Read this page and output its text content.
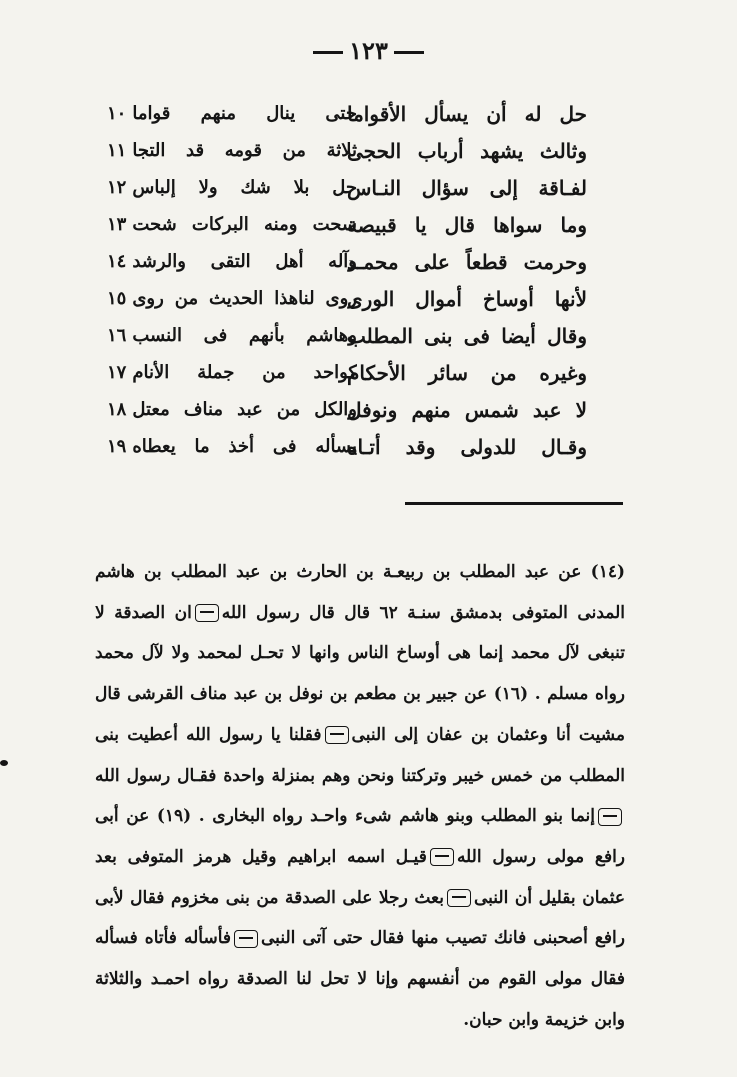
١٢٣
حل له أن يسأل الأقواما
حتى ينال منهم قواما١٠
وثالث يشهد أرباب الحجى
ثلاثة من قومه قد التجا١١
لفـاقة إلى سؤال النـاس
حل بلا شك ولا إلباس١٢
وما سواها قال يا قبيصة
سحت ومنه البركات شحت١٣
وحرمت قطعاً على محمـد
وآله أهل التقى والرشد١٤
لأنها أوساخ أموال الورى
روى لناهذا الحديث من روى١٥
وقال أيضا فى بنى المطلب
وهاشم بأنهم فى النسب١٦
وغيره من سائر الأحكام
كواحد من جملة الأنام١٧
لا عبد شمس منهم ونوفل
والكل من عبد مناف معتل١٨
وقـال للدولى وقد أتـاه
يسأله فى أخذ ما يعطاه١٩

(١٤) عن عبد المطلب بن ربيعـة بن الحارث بن عبد المطلب بن هاشم المدنى المتوفى بدمشق سنـة ٦٢ قال قال رسول اللهان الصدقة لا تنبغى لآل محمد إنما هى أوساخ الناس وانها لا تحـل لمحمد ولا لآل محمد رواه مسلم . (١٦) عن جبير بن مطعم بن نوفل بن عبد مناف القرشى قال مشيت أنا وعثمان بن عفان إلى النبىفقلنا يا رسول الله أعطيت بنى المطلب من خمس خيبر وتركتنا ونحن وهم بمنزلة واحدة فقـال رسول اللهإنما بنو المطلب وبنو هاشم شىء واحـد رواه البخارى . (١٩) عن أبى رافع مولى رسول اللهقيـل اسمه ابراهيم وقيل هرمز المتوفى بعد عثمان بقليل أن النبىبعث رجلا على الصدقة من بنى مخزوم فقال لأبى رافع أصحبنى فانك تصيب منها فقال حتى آتى النبىفأسأله فأتاه فسأله فقال مولى القوم من أنفسهم وإنا لا تحل لنا الصدقة رواه احمـد والثلاثة وابن خزيمة وابن حبان.
